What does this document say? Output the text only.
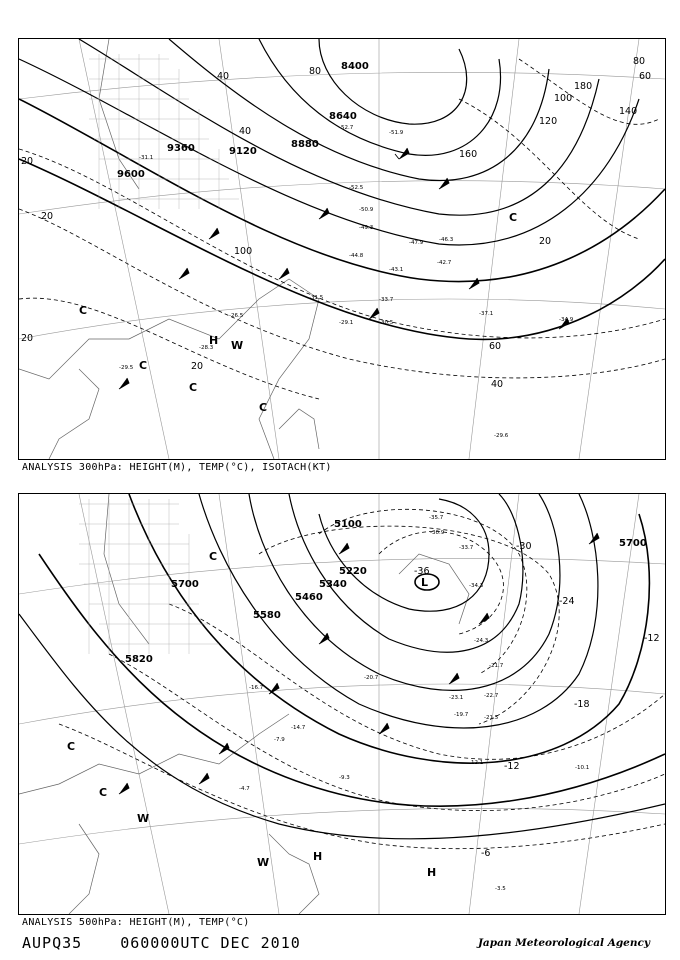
8400
8640
8880
9120
9360
9600
20
20
40
40
40
60
60
80
80
100
100
120
160
180
140
20
20
20
-51.9
-52.7
-52.5
-50.9
-49.3
-47.9	-46.3
-42.7
-43.1
-37.1
-34.9
-33.7
-31.5
-30.5
-29.1
-26.5
-28.3
-29.5
-29.6
-44.8
-31.1
H W
C
C
C
C
C
ANALYSIS 300hPa: HEIGHT(M), TEMP(°C), ISOTACH(KT)
5100
5220
5340
5460
5580
5700
5820
5700
-36
-30
-24
-18
-12
-12
-6
-35.7
-34.3
-30.9
-33.7
-24.3
-23.1
-21.7
-22.7
-21.5
-19.7
-20.7
-16.7
-14.7
-10.1
-12.1
-9.3
-7.9
-4.7
-3.5
L
H
H
C
C
C
W
W
ANALYSIS 500hPa: HEIGHT(M), TEMP(°C)
AUPQ35	060000UTC DEC 2010	Japan Meteorological Agency
